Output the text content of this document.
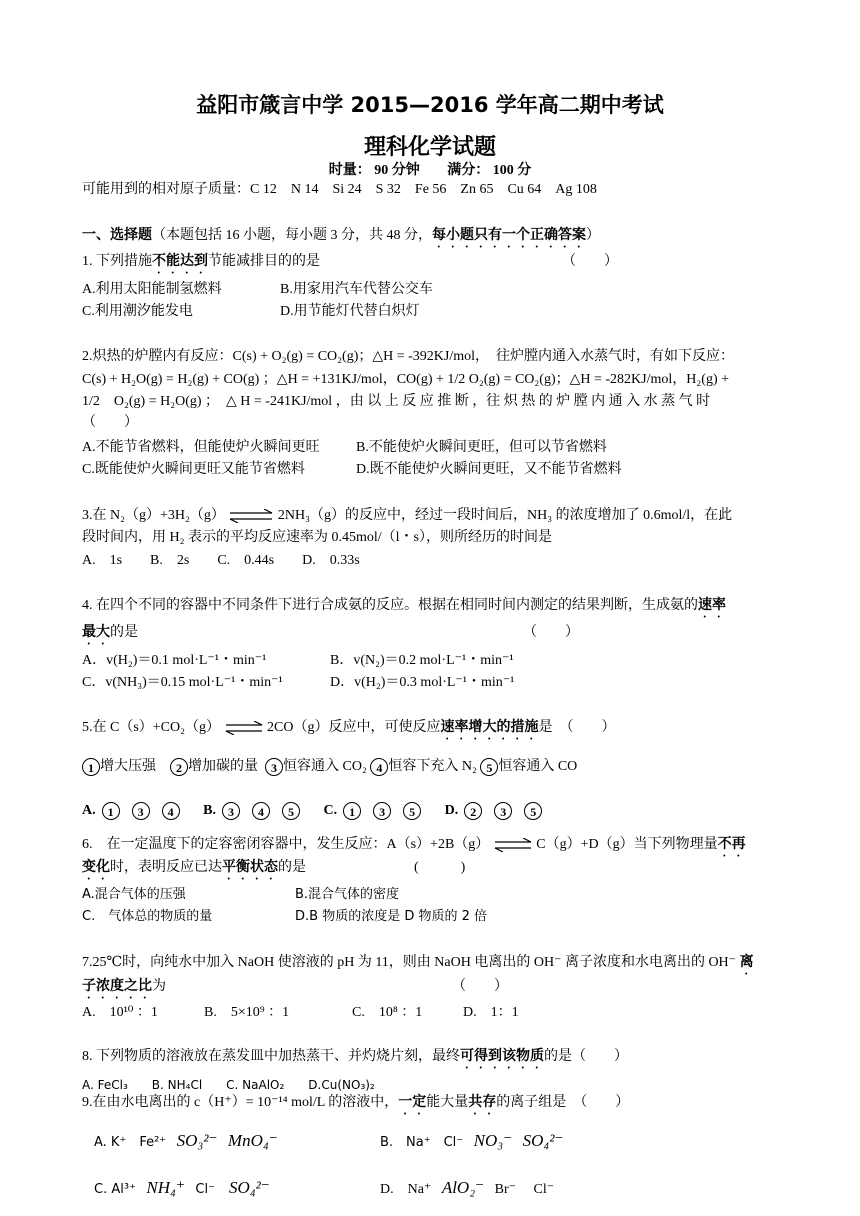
益阳市箴言中学 2015—2016 学年高二期中考试
理科化学试题
时量： 90 分钟 满分： 100 分
可能用到的相对原子质量：C 12　N 14　Si 24　S 32　Fe 56　Zn 65　Cu 64　Ag 108
一、选择题（本题包括 16 小题，每小题 3 分，共 48 分，每小题只有一个正确答案）
1. 下列措施不能达到节能减排目的的是	（　　）
A.利用太阳能制氢燃料	B.用家用汽车代替公交车
C.利用潮汐能发电	D.用节能灯代替白炽灯
2.炽热的炉膛内有反应：C(s) + O₂(g) = CO₂(g)；△H = -392KJ/mol，　往炉膛内通入水蒸气时，有如下反应：
C(s) + H₂O(g) = H₂(g) + CO(g) ；△H = +131KJ/mol，CO(g) + 1/2 O₂(g) = CO₂(g)；△H = -282KJ/mol，H₂(g) +
1/2　O₂(g) = H₂O(g) ；　△ H = -241KJ/mol ，由 以 上 反 应 推 断 ，往 炽 热 的 炉 膛 内 通 入 水 蒸 气 时
（　　）
A.不能节省燃料，但能使炉火瞬间更旺	B.不能使炉火瞬间更旺，但可以节省燃料
C.既能使炉火瞬间更旺又能节省燃料	D.既不能使炉火瞬间更旺，又不能节省燃料
3.在 N₂（g）+3H₂（g） ⇌ 2NH₃（g）的反应中，经过一段时间后，NH₃ 的浓度增加了 0.6mol/l，在此
段时间内，用 H₂ 表示的平均反应速率为 0.45mol/（l・s），则所经历的时间是
A.　1s　　B.　2s　　C.　0.44s　　D.　0.33s
4. 在四个不同的容器中不同条件下进行合成氨的反应。根据在相同时间内测定的结果判断，生成氨的速率
最大的是	（　　）
A．v(H₂)＝0.1 mol·L⁻¹・min⁻¹	B．v(N₂)＝0.2 mol·L⁻¹・min⁻¹
C．v(NH₃)＝0.15 mol·L⁻¹・min⁻¹	D．v(H₂)＝0.3 mol·L⁻¹・min⁻¹
5.在 C（s）+CO₂（g） ⇌ 2CO（g）反应中，可使反应速率增大的措施是　（　　）
1 增大压强 2 增加碳的量 3 恒容通入 CO₂ 4 恒容下充入 N₂ 5 恒容通入 CO
A. 1 3 4 B. 3 4 5 C. 1 3 5 D. 2 3 5
6.　在一定温度下的定容密闭容器中，发生反应：A（s）+2B（g） ⇌ C（g）+D（g）当下列物理量不再
变化时，表明反应已达平衡状态的是	(　　　)
A.混合气体的压强	B.混合气体的密度
C.　气体总的物质的量	D.B 物质的浓度是 D 物质的 2 倍
7.25℃时，向纯水中加入 NaOH 使溶液的 pH 为 11，则由 NaOH 电离出的 OH⁻ 离子浓度和水电离出的 OH⁻ 离
子浓度之比为	（　　）
A.　10¹⁰ ：1	B.　5×10⁹ ：1	C.　10⁸ ：1	D.　1：1
8. 下列物质的溶液放在蒸发皿中加热蒸干、并灼烧片刻，最终可得到该物质的是（　　）
A. FeCl₃　　B. NH₄Cl　　C. NaAlO₂　　D.Cu(NO₃)₂
9.在由水电离出的 c（H⁺）= 10⁻¹⁴ mol/L 的溶液中，一定能大量共存的离子组是　（　　）
A. K⁺　Fe²⁺ SO₃²⁻ MnO₄⁻	B.　Na⁺　Cl⁻ NO₃⁻ SO₄²⁻
C. Al³⁺ NH₄⁺ Cl⁻ SO₄²⁻	D.　Na⁺ AlO₂⁻ Br⁻　 Cl⁻
